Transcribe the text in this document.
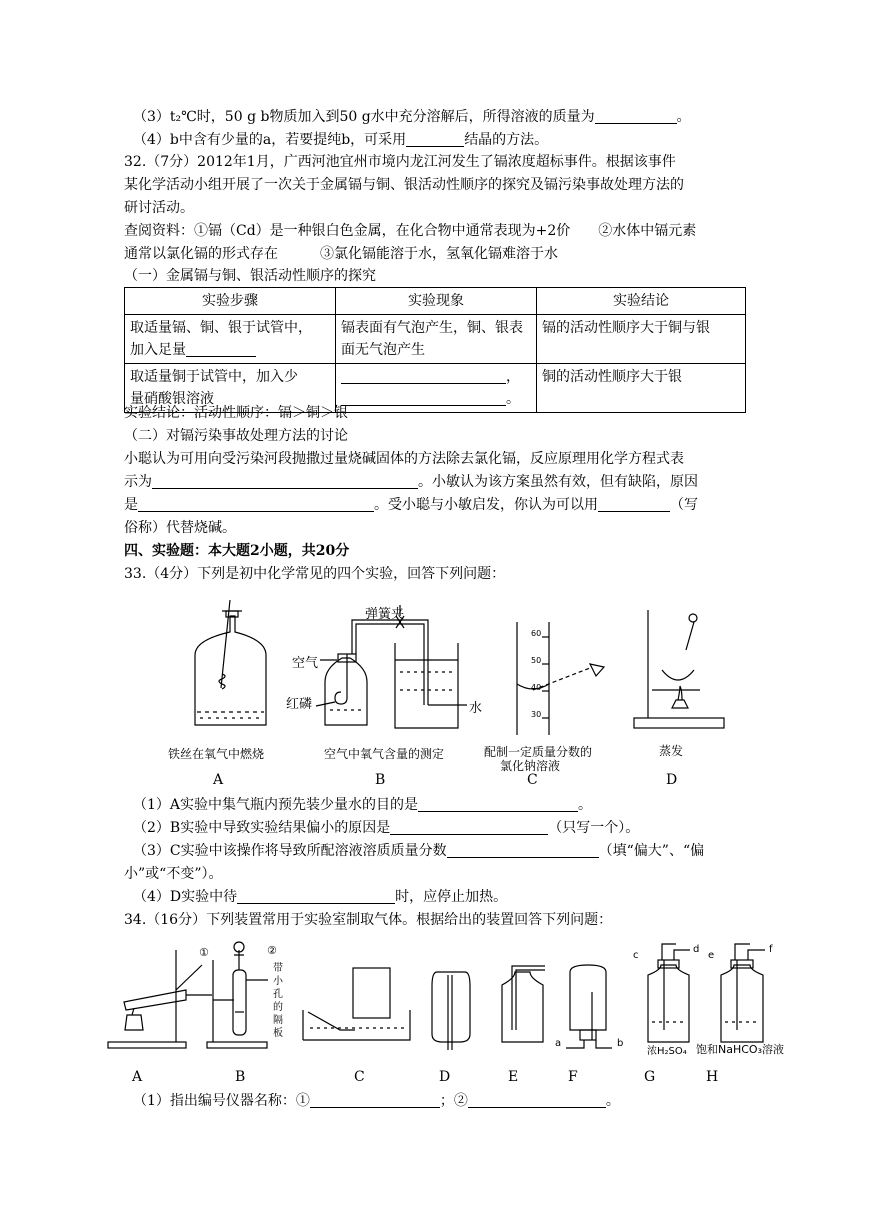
（3）t₂℃时，50 g b物质加入到50 g水中充分溶解后，所得溶液的质量为	。
（4）b中含有少量的a，若要提纯b，可采用	结晶的方法。
32.（7分）2012年1月，广西河池宜州市境内龙江河发生了镉浓度超标事件。根据该事件
某化学活动小组开展了一次关于金属镉与铜、银活动性顺序的探究及镉污染事故处理方法的
研讨活动。
查阅资料：①镉（Cd）是一种银白色金属，在化合物中通常表现为+2价　　②水体中镉元素
通常以氯化镉的形式存在　　　③氯化镉能溶于水，氢氧化镉难溶于水
（一）金属镉与铜、银活动性顺序的探究
实验步骤	实验现象	实验结论
取适量镉、铜、银于试管中，
加入足量	镉表面有气泡产生，铜、银表
面无气泡产生	镉的活动性顺序大于铜与银
取适量铜于试管中，加入少
量硝酸银溶液	，
。	铜的活动性顺序大于银
实验结论：活动性顺序：镉＞铜＞银
（二）对镉污染事故处理方法的讨论
小聪认为可用向受污染河段抛撒过量烧碱固体的方法除去氯化镉，反应原理用化学方程式表
示为	。小敏认为该方案虽然有效，但有缺陷，原因
是	。受小聪与小敏启发，你认为可以用	（写
俗称）代替烧碱。
四、实验题：本大题2小题，共20分
33.（4分）下列是初中化学常见的四个实验，回答下列问题：
弹簧夹
空气
红磷	水
60
50
40
30
铁丝在氧气中燃烧	空气中氧气含量的测定	配制一定质量分数的
氯化钠溶液
蒸发
A	B	C	D
（1）A实验中集气瓶内预先装少量水的目的是	。
（2）B实验中导致实验结果偏小的原因是	（只写一个）。
（3）C实验中该操作将导致所配溶液溶质质量分数	（填“偏大”、“偏
小”或“不变”）。
（4）D实验中待	时，应停止加热。
34.（16分）下列装置常用于实验室制取气体。根据给出的装置回答下列问题：
①	②
带
小
孔
的
隔
板
a	b
c
d
e
f
浓H₂SO₄ 饱和NaHCO₃溶液
A	B	C	D	E	F	G	H
（1）指出编号仪器名称：①	；②	。
